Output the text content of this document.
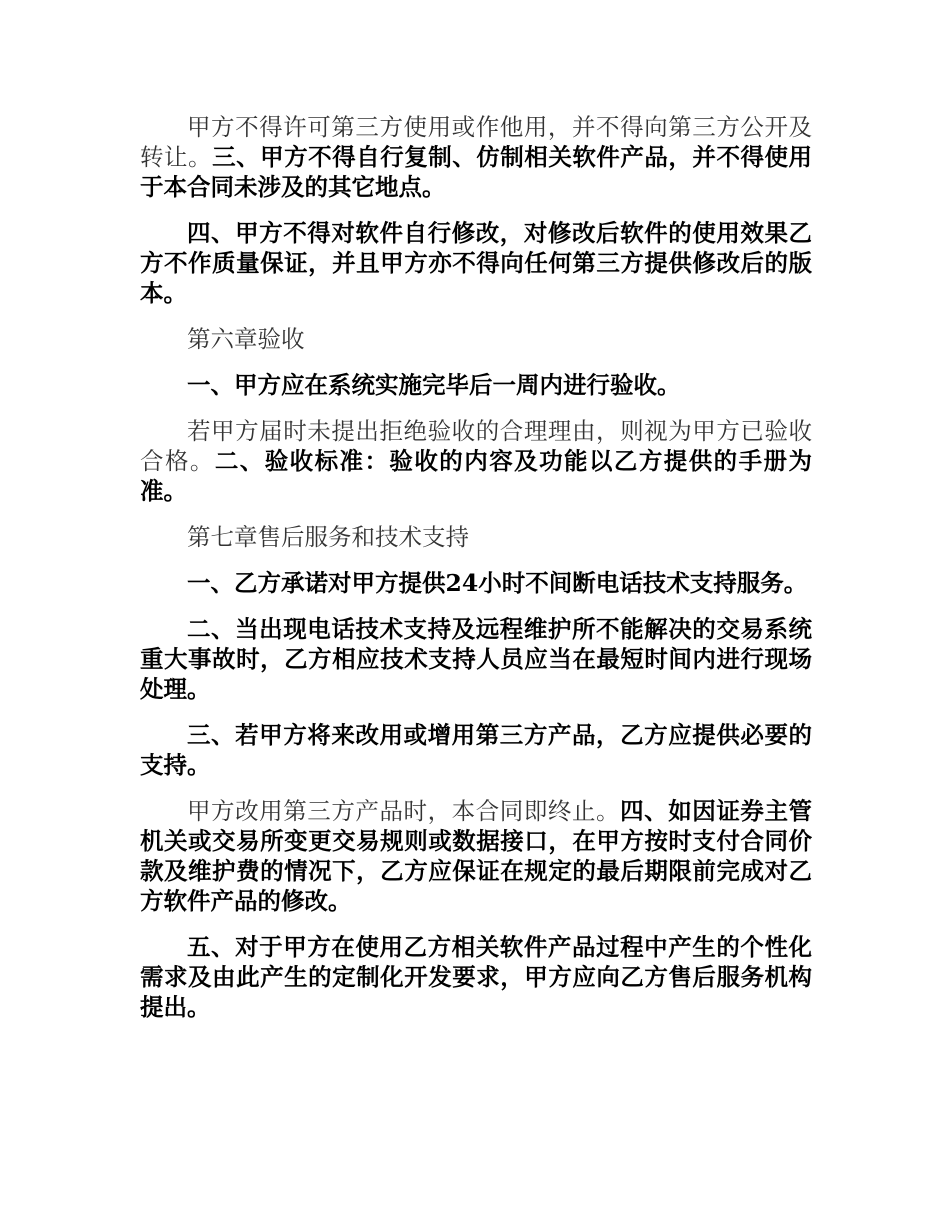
甲方不得许可第三方使用或作他用，并不得向第三方公开及转让。三、甲方不得自行复制、仿制相关软件产品，并不得使用于本合同未涉及的其它地点。

四、甲方不得对软件自行修改，对修改后软件的使用效果乙方不作质量保证，并且甲方亦不得向任何第三方提供修改后的版本。

第六章验收

一、甲方应在系统实施完毕后一周内进行验收。

若甲方届时未提出拒绝验收的合理理由，则视为甲方已验收合格。二、验收标准：验收的内容及功能以乙方提供的手册为准。

第七章售后服务和技术支持

一、乙方承诺对甲方提供24小时不间断电话技术支持服务。

二、当出现电话技术支持及远程维护所不能解决的交易系统重大事故时，乙方相应技术支持人员应当在最短时间内进行现场处理。

三、若甲方将来改用或增用第三方产品，乙方应提供必要的支持。

甲方改用第三方产品时，本合同即终止。四、如因证券主管机关或交易所变更交易规则或数据接口，在甲方按时支付合同价款及维护费的情况下，乙方应保证在规定的最后期限前完成对乙方软件产品的修改。

五、对于甲方在使用乙方相关软件产品过程中产生的个性化需求及由此产生的定制化开发要求，甲方应向乙方售后服务机构提出。
